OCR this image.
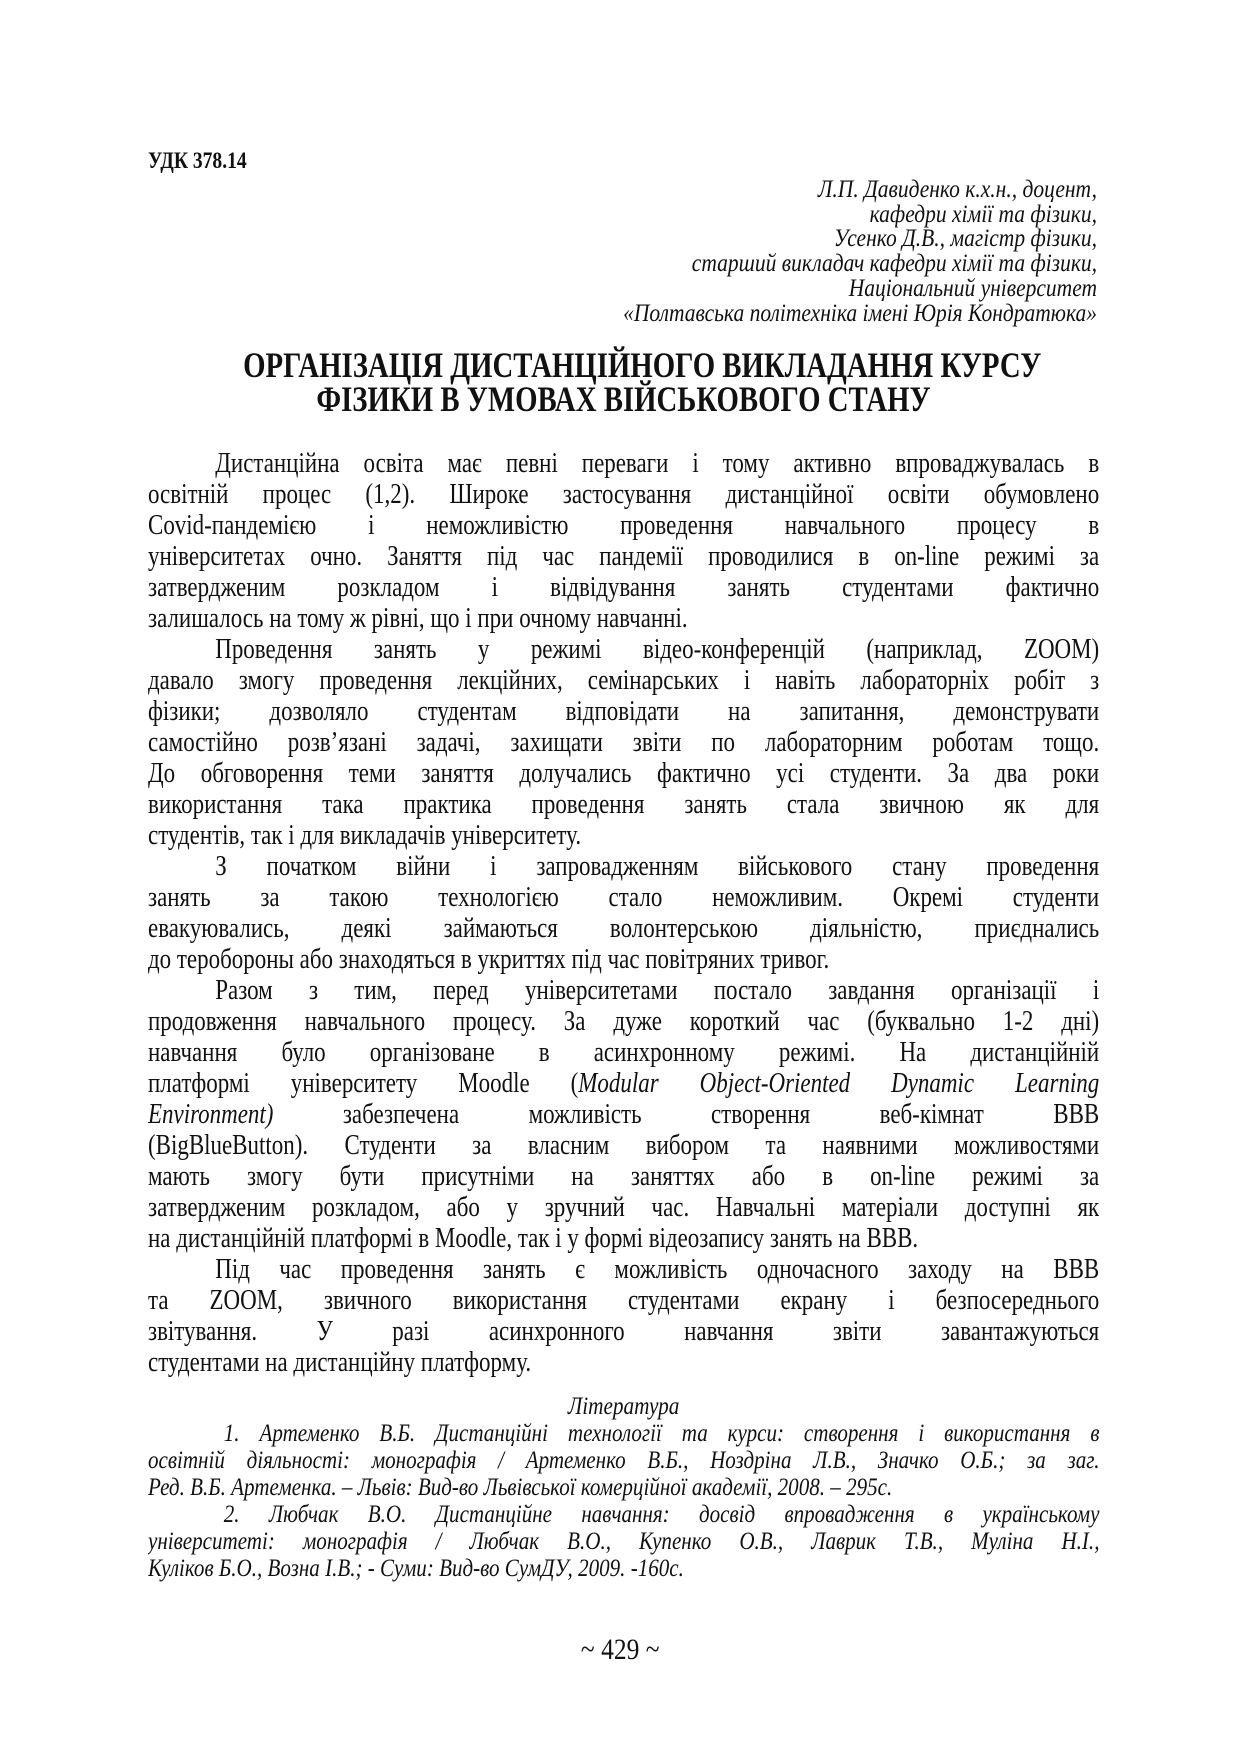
УДК 378.14
Л.П. Давиденко к.х.н., доцент,
кафедри хімії та фізики,
Усенко Д.В., магістр фізики,
старший викладач кафедри хімії та фізики,
Національний університет
«Полтавська політехніка імені Юрія Кондратюка»
ОРГАНІЗАЦІЯ ДИСТАНЦІЙНОГО ВИКЛАДАННЯ КУРСУ
ФІЗИКИ В УМОВАХ ВІЙСЬКОВОГО СТАНУ
Дистанційна освіта має певні переваги і тому активно впроваджувалась в
освітній процес (1,2). Широке застосування дистанційної освіти обумовлено
Covid-пандемією і неможливістю проведення навчального процесу в
університетах очно. Заняття під час пандемії проводилися в on-line режимі за
затвердженим розкладом і відвідування занять студентами фактично
залишалось на тому ж рівні, що і при очному навчанні.
Проведення занять у режимі відео-конференцій (наприклад, ZOOM)
давало змогу проведення лекційних, семінарських і навіть лабораторніх робіт з
фізики; дозволяло студентам відповідати на запитання, демонструвати
самостійно розв’язані задачі, захищати звіти по лабораторним роботам тощо.
До обговорення теми заняття долучались фактично усі студенти. За два роки
використання така практика проведення занять стала звичною як для
студентів, так і для викладачів університету.
З початком війни і запровадженням військового стану проведення
занять за такою технологією стало неможливим. Окремі студенти
евакуювались, деякі займаються волонтерською діяльністю, приєднались
до теробороны або знаходяться в укриттях під час повітряних тривог.
Разом з тим, перед університетами постало завдання організації і
продовження навчального процесу. За дуже короткий час (буквально 1-2 дні)
навчання було організоване в асинхронному режимі. На дистанційній
платформі університету Moodle (Modular Object-Oriented Dynamic Learning
Environment) забезпечена можливість створення веб-кімнат ВВВ
(BigBlueButton). Студенти за власним вибором та наявними можливостями
мають змогу бути присутніми на заняттях або в on-line режимі за
затвердженим розкладом, або у зручний час. Навчальні матеріали доступні як
на дистанційній платформі в Moodle, так і у формі відеозапису занять на ВВВ.
Під час проведення занять є можливість одночасного заходу на ВВВ
та ZOOM, звичного використання студентами екрану і безпосереднього
звітування. У разі асинхронного навчання звіти завантажуються
студентами на дистанційну платформу.
Література
1. Артеменко В.Б. Дистанційні технології та курси: створення і використання в
освітній діяльності: монографія / Артеменко В.Б., Ноздріна Л.В., Значко О.Б.; за заг.
Ред. В.Б. Артеменка. – Львів: Вид-во Львівської комерційної академії, 2008. – 295с.
2. Любчак В.О. Дистанційне навчання: досвід впровадження в українському
університеті: монографія / Любчак В.О., Купенко О.В., Лаврик Т.В., Муліна Н.І.,
Куліков Б.О., Возна І.В.; - Суми: Вид-во СумДУ, 2009. -160с.
~ 429 ~
